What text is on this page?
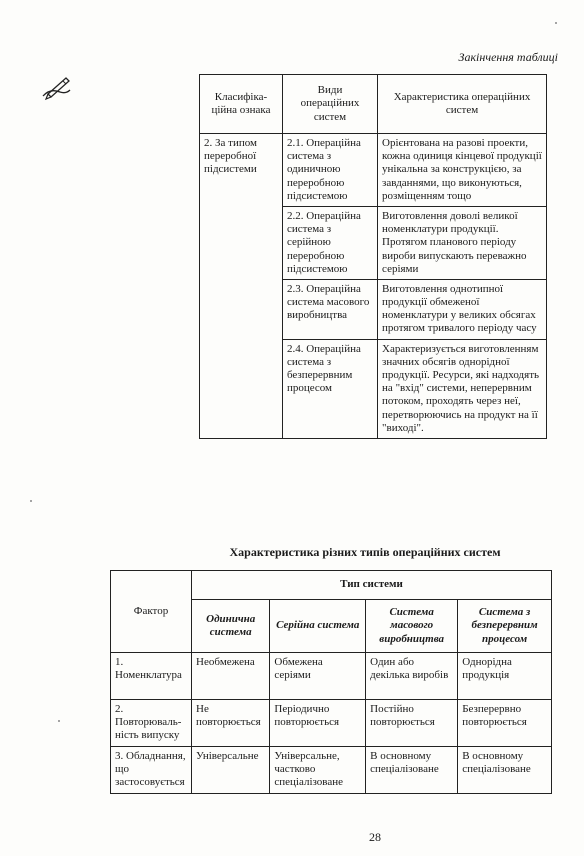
Закінчення таблиці
Класифіка-ційна ознака	Види операційних систем	Характеристика операційних систем
2. За типом переробної підсистеми	2.1. Операційна система з одиничною переробною підсистемою	Орієнтована на разові проекти, кожна одиниця кінцевої продукції унікальна за конструкцією, за завданнями, що виконуються, розміщенням тощо
	2.2. Операційна система з серійною переробною підсистемою	Виготовлення доволі великої номенклатури продукції. Протягом планового періоду вироби випускають переважно серіями
	2.3. Операційна система масового виробництва	Виготовлення однотипної продукції обмеженої номенклатури у великих обсягах протягом тривалого періоду часу
	2.4. Операційна система з безперервним процесом	Характеризується виготовленням значних обсягів однорідної продукції. Ресурси, які надходять на "вхід" системи, неперервним потоком, проходять через неї, перетворюючись на продукт на її "виході".
Характеристика різних типів операційних систем
Фактор	Тип системи			
	Одинична система	Серійна система	Система масового виробництва	Система з безперервним процесом
1. Номенклатура	Необмежена	Обмежена серіями	Один або декілька виробів	Однорідна продукція
2. Повторюваль-ність випуску	Не повторюється	Періодично повторюється	Постійно повторюється	Безперервно повторюється
3. Обладнання, що застосовується	Універсальне	Універсальне, частково спеціалізоване	В основному спеціалізоване	В основному спеціалізоване
28
